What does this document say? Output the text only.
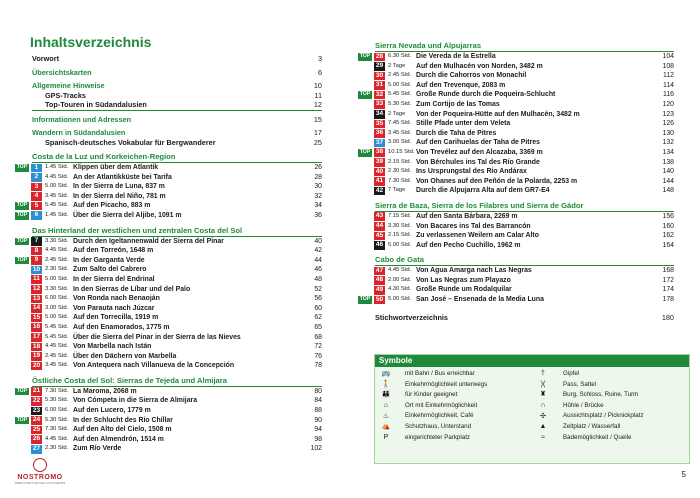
Inhaltsverzeichnis
Vorwort	3
Übersichtskarten	6
Allgemeine Hinweise	10
GPS-Tracks	11
Top-Touren in Südandalusien	12
Informationen und Adressen	15
Wandern in Südandalusien	17
Spanisch-deutsches Vokabular für Bergwanderer	25
Costa de la Luz und Korkeichen-Region
TOP	1	1.45 Std. Klippen über dem Atlantik	26
2	4.45 Std. An der Atlantikküste bei Tarifa	28
3	5.00 Std. In der Sierra de Luna, 837 m	30
4	3.45 Std. In der Sierra del Niño, 781 m	32
TOP	5	5.45 Std. Auf den Picacho, 883 m	34
TOP	6	1.45 Std. Über die Sierra del Aljibe, 1091 m	36
Das Hinterland der westlichen und zentralen Costa del Sol
TOP	7	3.30 Std. Durch den Igeltannenwald der Sierra del Pinar	40
8	4.45 Std. Auf den Torreón, 1648 m	42
TOP	9	2.45 Std. In der Garganta Verde	44
10 2.30 Std. Zum Salto del Cabrero	46
11 5.00 Std. In der Sierra del Endrinal	48
12 3.30 Std. In den Sierras de Líbar und del Palo	52
13 6.00 Std. Von Ronda nach Benaoján	56
14 3.00 Std. Von Parauta nach Júzcar	60
15 5.00 Std. Auf den Torrecilla, 1919 m	62
16 5.45 Std. Auf den Enamorados, 1775 m	65
17 5.45 Std. Über die Sierra del Pinar in der Sierra de las Nieves	68
18 4.45 Std. Von Marbella nach Istán	72
19 2.45 Std. Über den Dächern von Marbella	76
20 3.45 Std. Von Antequera nach Villanueva de la Concepción	78
Östliche Costa del Sol: Sierras de Tejeda und Almijara
TOP 21 7.30 Std. La Maroma, 2068 m	80
22 5.30 Std. Von Cómpeta in die Sierra de Almijara	84
23 6.00 Std. Auf den Lucero, 1779 m	88
TOP 24 5.30 Std. In der Schlucht des Río Chíllar	90
25 7.30 Std. Auf den Alto del Cielo, 1508 m	94
26 4.45 Std. Auf den Almendrón, 1514 m	98
27 2.30 Std. Zum Río Verde	102
Sierra Nevada und Alpujarras
TOP 28 6.30 Std. Die Vereda de la Estrella	104
29 2 Tage Auf den Mulhacén von Norden, 3482 m	108
30 2.45 Std. Durch die Cahorros von Monachil	112
31 5.00 Std. Auf den Trevenque, 2083 m	114
TOP 32 5.45 Std. Große Runde durch die Poqueira-Schlucht	116
33 5.30 Std. Zum Cortijo de las Tomas	120
34 2 Tage Von der Poqueira-Hütte auf den Mulhacén, 3482 m	123
35 7.45 Std. Stille Pfade unter dem Veleta	126
36 3.45 Std. Durch die Taha de Pitres	130
37 3.00 Std. Auf den Carihuelas der Taha de Pitres	132
TOP 38 10.15 Std. Von Trevélez auf den Alcazaba, 3369 m	134
39 2.15 Std. Von Bérchules ins Tal des Río Grande	138
40 2.30 Std. Ins Ursprungstal des Río Andárax	140
41 7.30 Std. Von Ohanes auf den Peñón de la Polarda, 2253 m	144
42 7 Tage Durch die Alpujarra Alta auf dem GR7-E4	148
Sierra de Baza, Sierra de los Filabres und Sierra de Gádor
43 7.15 Std. Auf den Santa Bárbara, 2269 m	156
44 3.30 Std. Von Bacares ins Tal des Barrancón	160
45 2.15 Std. Zu verlassenen Weilern am Calar Alto	162
46 6.00 Std. Auf den Pecho Cuchillo, 1962 m	164
Cabo de Gata
47 4.45 Std. Von Agua Amarga nach Las Negras	168
48 2.00 Std. Von Las Negras zum Playazo	172
49 4.30 Std. Große Runde um Rodalquilar	174
TOP 50 5.00 Std. San José – Ensenada de la Media Luna	178
Stichwortverzeichnis	180
Symbole
🚌 mit Bahn / Bus erreichbar	†	Gipfel
🚶 Einkehrmöglichkeit unterwegs	)(	Pass, Sattel
👪 für Kinder geeignet	♜	Burg, Schloss, Ruine, Turm
⌂	Ort mit Einkehrmöglichkeit	∩	Höhle / Brücke
♨	Einkehrmöglichkeit, Café	✣	Aussichtsplatz / Picknickplatz
⛺ Schutzhaus, Unterstand	▲	Zeltplatz / Wasserfall
P	eingerichteter Parkplatz	≈	Bademöglichkeit / Quelle
5
NOSTROMO
WEB COMPTOIR DES VOYAGEURS
